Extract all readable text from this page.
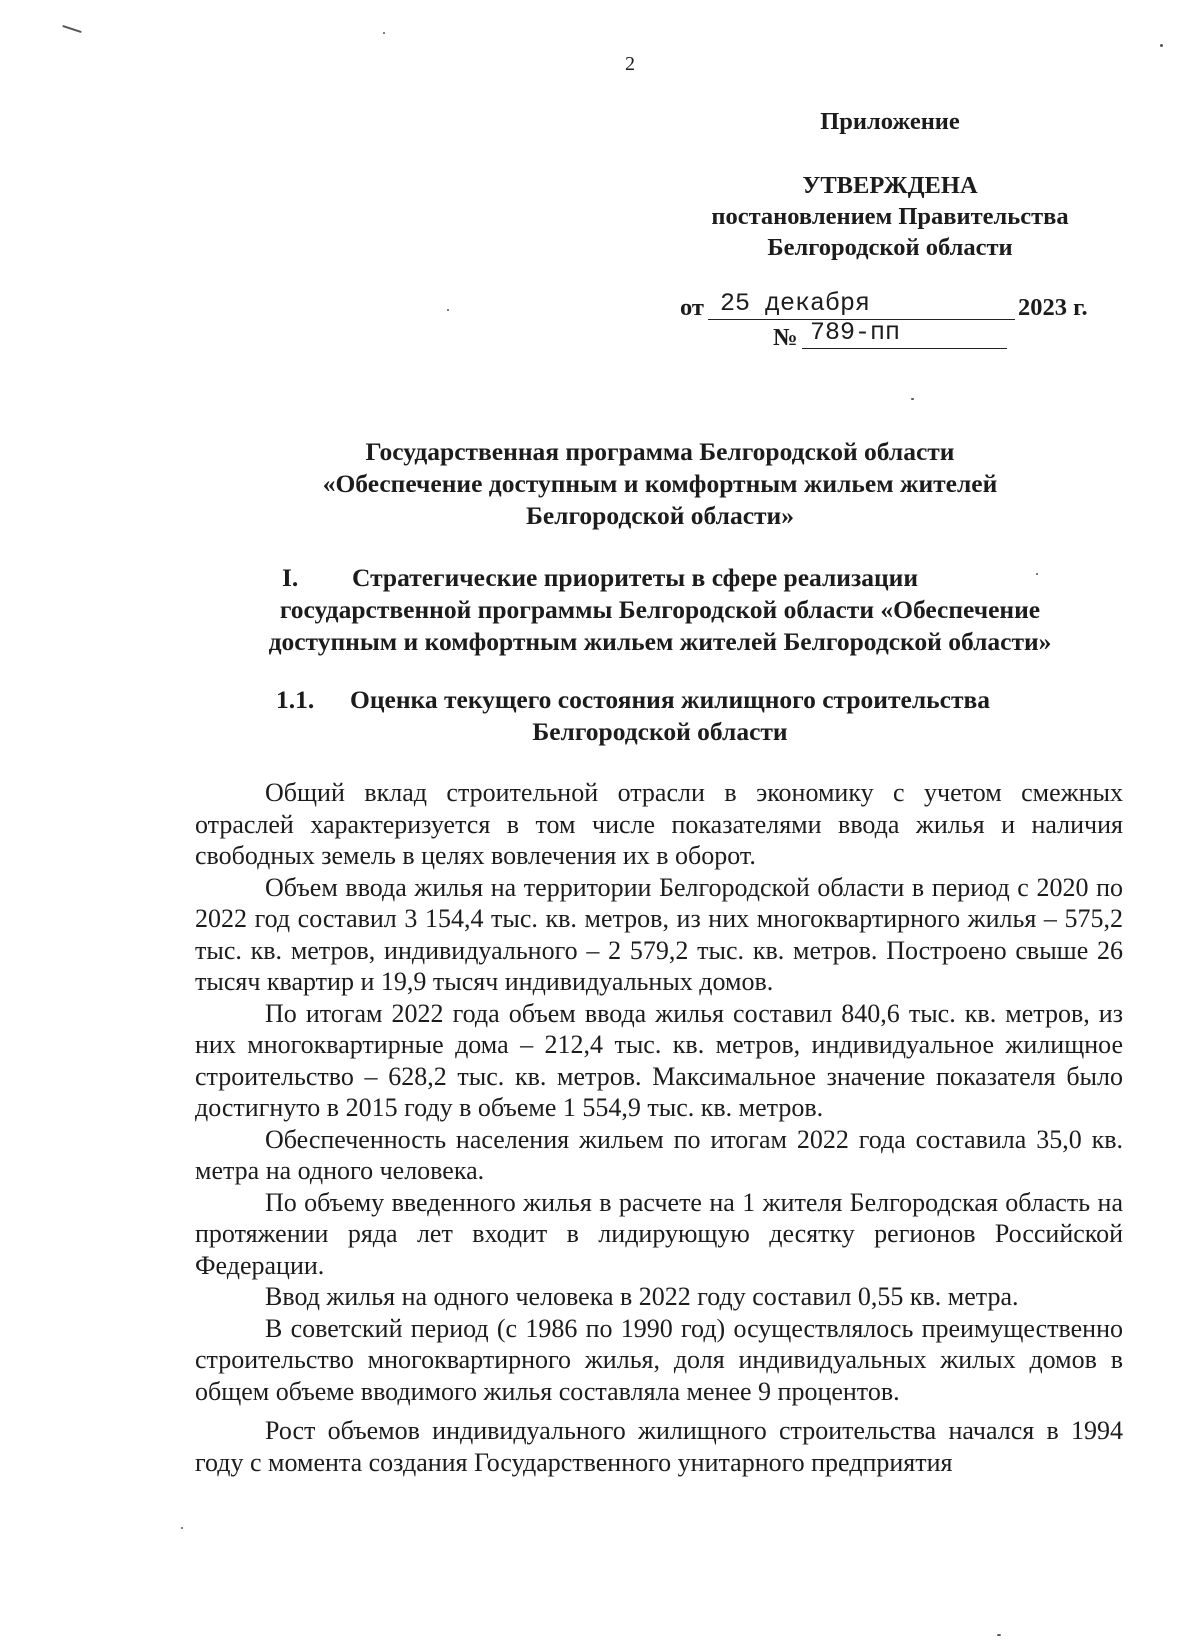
2
Приложение
УТВЕРЖДЕНА
постановлением Правительства
Белгородской области
от 25 декабря	2023 г.
№ 789-пп
Государственная программа Белгородской области
«Обеспечение доступным и комфортным жильем жителей
Белгородской области»
I. Стратегические приоритеты в сфере реализации
государственной программы Белгородской области «Обеспечение
доступным и комфортным жильем жителей Белгородской области»
1.1. Оценка текущего состояния жилищного строительства
Белгородской области

Общий вклад строительной отрасли в экономику с учетом смежных отраслей характеризуется в том числе показателями ввода жилья и наличия свободных земель в целях вовлечения их в оборот.

Объем ввода жилья на территории Белгородской области в период с 2020 по 2022 год составил 3 154,4 тыс. кв. метров, из них многоквартирного жилья – 575,2 тыс. кв. метров, индивидуального – 2 579,2 тыс. кв. метров. Построено свыше 26 тысяч квартир и 19,9 тысяч индивидуальных домов.

По итогам 2022 года объем ввода жилья составил 840,6 тыс. кв. метров, из них многоквартирные дома – 212,4 тыс. кв. метров, индивидуальное жилищное строительство – 628,2 тыс. кв. метров. Максимальное значение показателя было достигнуто в 2015 году в объеме 1 554,9 тыс. кв. метров.

Обеспеченность населения жильем по итогам 2022 года составила 35,0 кв. метра на одного человека.

По объему введенного жилья в расчете на 1 жителя Белгородская область на протяжении ряда лет входит в лидирующую десятку регионов Российской Федерации.

Ввод жилья на одного человека в 2022 году составил 0,55 кв. метра.

В советский период (с 1986 по 1990 год) осуществлялось преимущественно строительство многоквартирного жилья, доля индивидуальных жилых домов в общем объеме вводимого жилья составляла менее 9 процентов.

Рост объемов индивидуального жилищного строительства начался в 1994 году с момента создания Государственного унитарного предприятия
